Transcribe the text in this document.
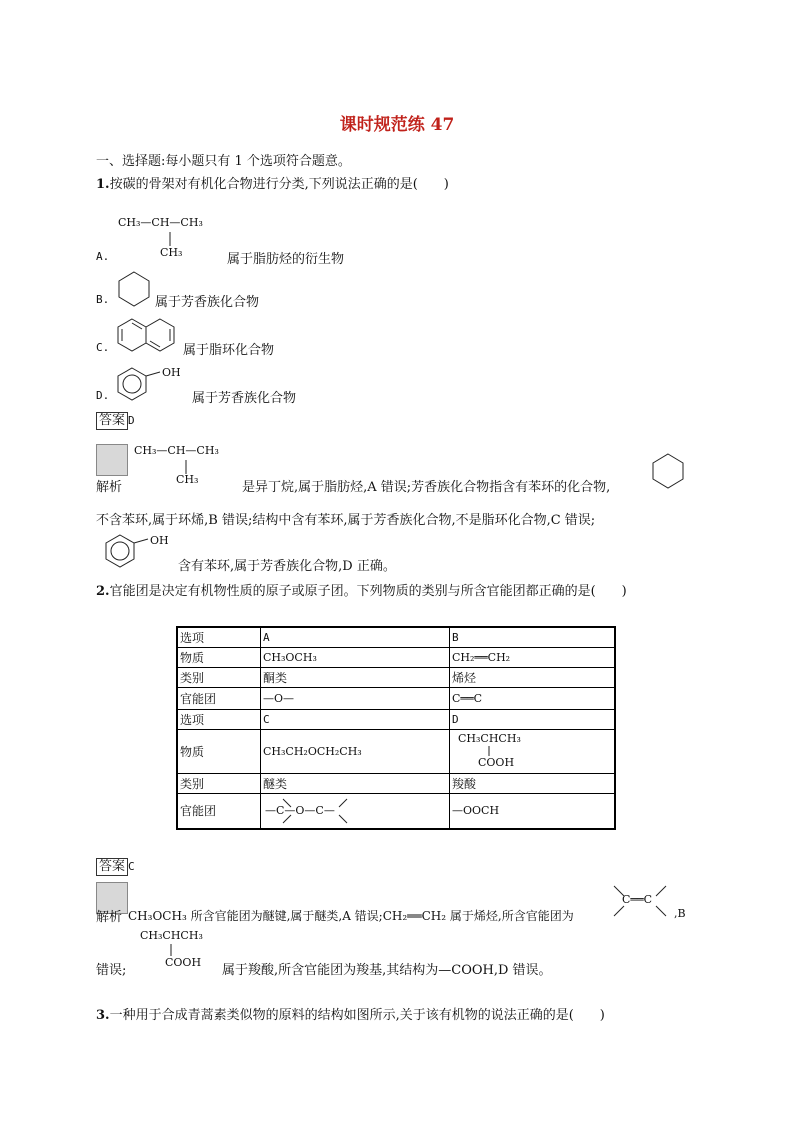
课时规范练 47
一、选择题:每小题只有 1 个选项符合题意。
1.按碳的骨架对有机化合物进行分类,下列说法正确的是(　　)
CH₃—CH—CH₃
CH₃
A.	属于脂肪烃的衍生物
B.	属于芳香族化合物
C.	属于脂环化合物
D.
OH
属于芳香族化合物
答案 D
解析
CH₃—CH—CH₃
CH₃
是异丁烷,属于脂肪烃,A 错误;芳香族化合物指含有苯环的化合物,
不含苯环,属于环烯,B 错误;结构中含有苯环,属于芳香族化合物,不是脂环化合物,C 错误;
OH
含有苯环,属于芳香族化合物,D 正确。
2.官能团是决定有机物性质的原子或原子团。下列物质的类别与所含官能团都正确的是(　　)
选项	A	B
物质	CH₃OCH₃	CH₂══CH₂
类别	酮类	烯烃
官能团	—O—	C══C
选项	C	D
物质	CH₃CH₂OCH₂CH₃	CH₃CHCH₃
COOH

类别	醚类	羧酸
官能团	—C—O—C—	—OOCH
答案 C
解析 CH₃OCH₃ 所含官能团为醚键,属于醚类,A 错误;CH₂══CH₂ 属于烯烃,所含官能团为
C══C
,B
CH₃CHCH₃
COOH
错误;	属于羧酸,所含官能团为羧基,其结构为—COOH,D 错误。
3.一种用于合成青蒿素类似物的原料的结构如图所示,关于该有机物的说法正确的是(　　)
